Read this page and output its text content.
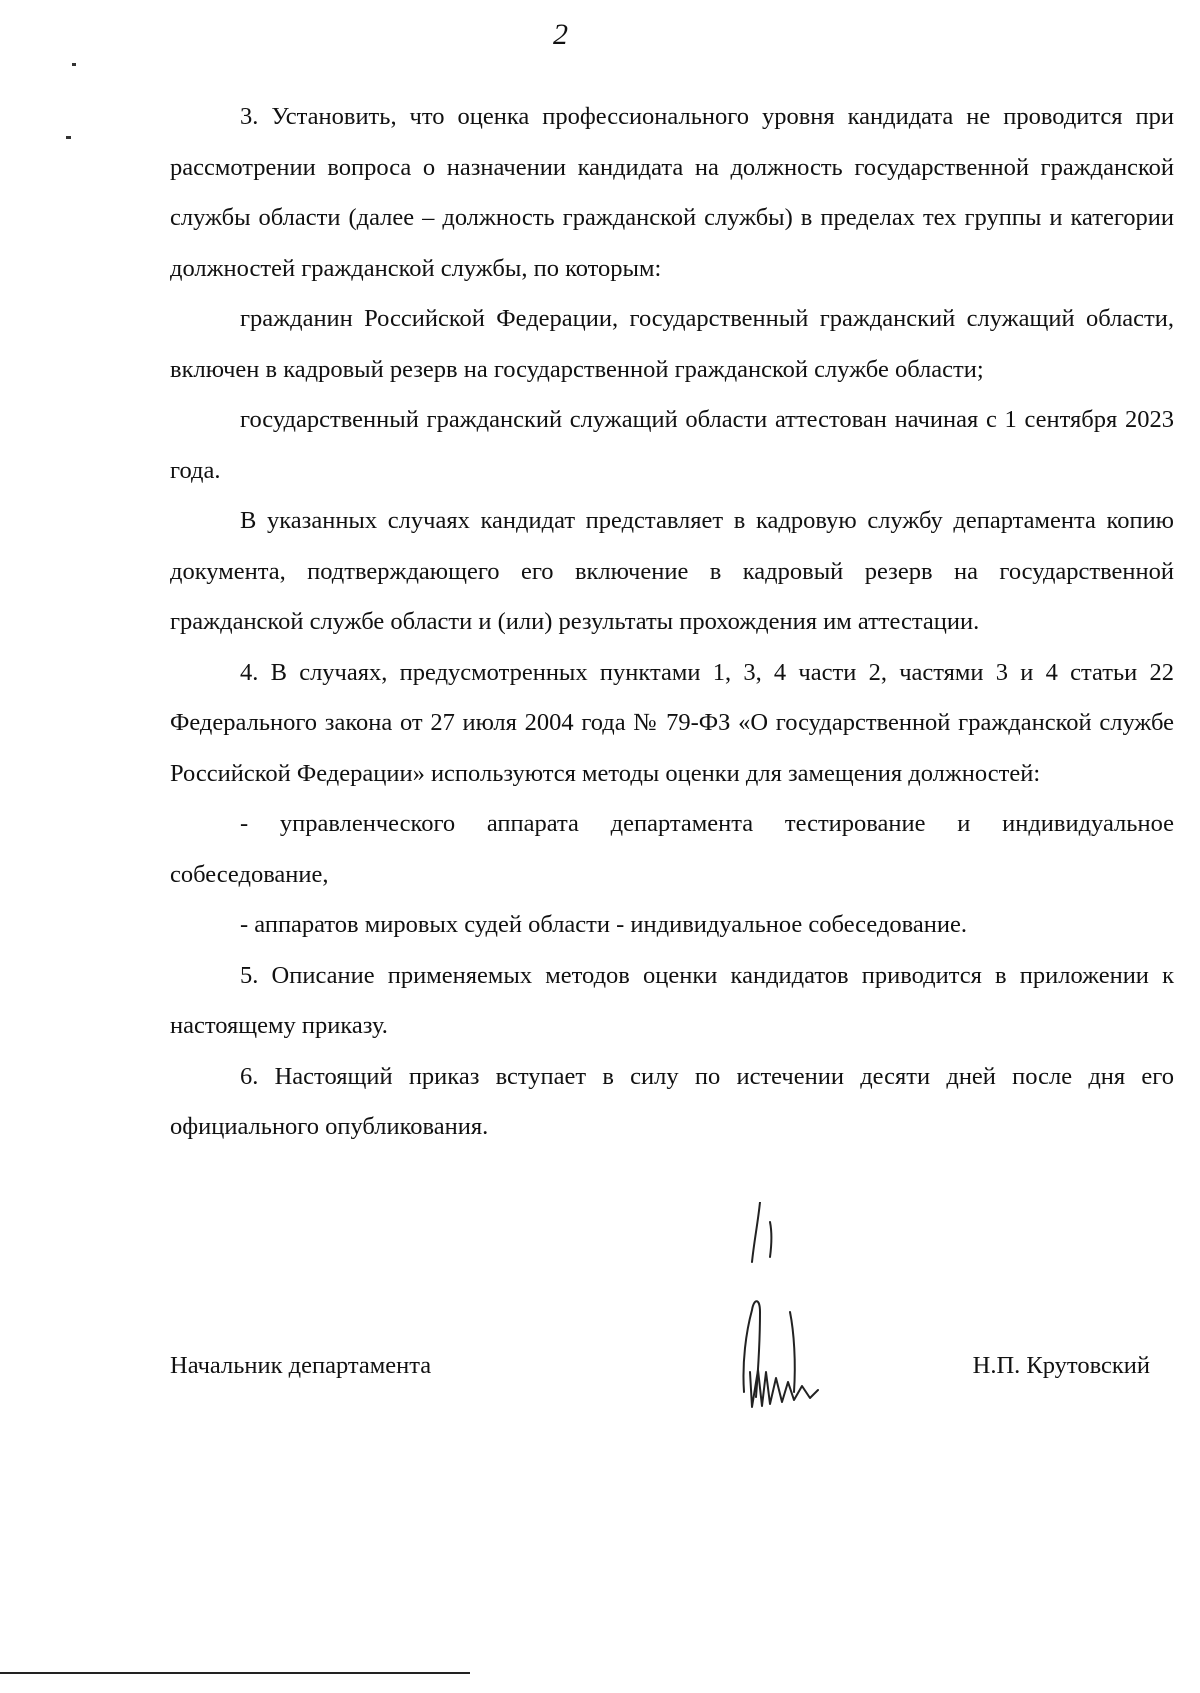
2

3. Установить, что оценка профессионального уровня кандидата не проводится при рассмотрении вопроса о назначении кандидата на должность государственной гражданской службы области (далее – должность гражданской службы) в пределах тех группы и категории должностей гражданской службы, по которым:

гражданин Российской Федерации, государственный гражданский служащий области, включен в кадровый резерв на государственной гражданской службе области;

государственный гражданский служащий области аттестован начиная с 1 сентября 2023 года.

В указанных случаях кандидат представляет в кадровую службу департамента копию документа, подтверждающего его включение в кадровый резерв на государственной гражданской службе области и (или) результаты прохождения им аттестации.

4. В случаях, предусмотренных пунктами 1, 3, 4 части 2, частями 3 и 4 статьи 22 Федерального закона от 27 июля 2004 года № 79-ФЗ «О государственной гражданской службе Российской Федерации» используются методы оценки для замещения должностей:

- управленческого аппарата департамента тестирование и индивидуальное собеседование,

- аппаратов мировых судей области - индивидуальное собеседование.

5. Описание применяемых методов оценки кандидатов приводится в приложении к настоящему приказу.

6. Настоящий приказ вступает в силу по истечении десяти дней после дня его официального опубликования.

Начальник департамента	Н.П. Крутовский
